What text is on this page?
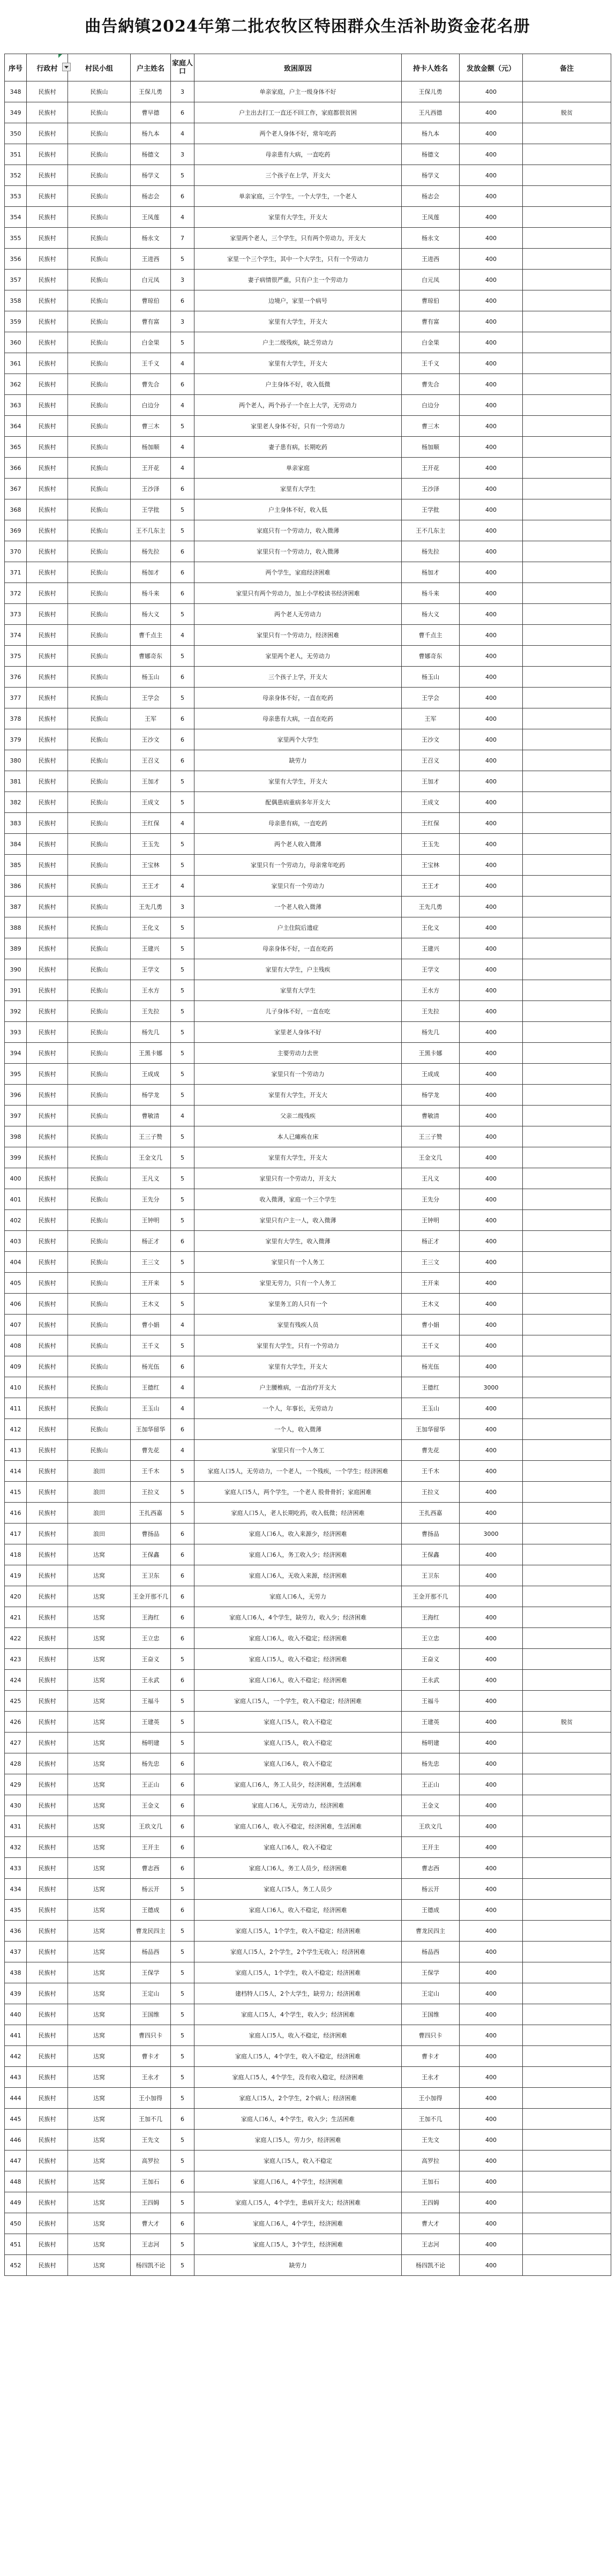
曲告納镇2024年第二批农牧区特困群众生活补助资金花名册
序号	行政村	村民小组	户主姓名	家庭人口	致困原因	持卡人姓名	发放金额（元）	备注
348	民族村	民族山	王保儿勇	3	单亲家庭，户主一级身体不好	王保儿勇	400	
349	民族村	民族山	曹早德	6	户主出去打工一直还不回工作，家庭都很贫困	王凡西德	400	脱贫
350	民族村	民族山	杨九本	4	两个老人身体不好，常年吃药	杨九本	400	
351	民族村	民族山	杨德文	3	母亲患有大病，一直吃药	杨德文	400	
352	民族村	民族山	杨学义	5	三个孩子在上学，开支大	杨学义	400	
353	民族村	民族山	杨志会	6	单亲家庭，三个学生，一个大学生，一个老人	杨志会	400	
354	民族村	民族山	王凤莲	4	家里有大学生，开支大	王凤莲	400	
355	民族村	民族山	杨永文	7	家里两个老人，三个学生，只有两个劳动力，开支大	杨永文	400	
356	民族村	民族山	王进西	5	家里一个三个学生，其中一个大学生，只有一个劳动力	王进西	400	
357	民族村	民族山	白元凤	3	妻子病情很严重，只有户主一个劳动力	白元凤	400	
358	民族村	民族山	曹琼伯	6	边境户，家里一个病号	曹琼伯	400	
359	民族村	民族山	曹有富	3	家里有大学生，开支大	曹有富	400	
360	民族村	民族山	白金果	5	户主二级残疾，缺乏劳动力	白金果	400	
361	民族村	民族山	王千义	4	家里有大学生，开支大	王千义	400	
362	民族村	民族山	曹先合	6	户主身体不好，收入低微	曹先合	400	
363	民族村	民族山	白边分	4	两个老人，两个孙子一个在上大学，无劳动力	白边分	400	
364	民族村	民族山	曹三木	5	家里老人身体不好，只有一个劳动力	曹三木	400	
365	民族村	民族山	杨加顺	4	妻子患有病，长期吃药	杨加顺	400	
366	民族村	民族山	王开花	4	单亲家庭	王开花	400	
367	民族村	民族山	王沙泽	6	家里有大学生	王沙泽	400	
368	民族村	民族山	王学批	5	户主身体不好，收入低	王学批	400	
369	民族村	民族山	王不几东主	5	家庭只有一个劳动力，收入微薄	王不几东主	400	
370	民族村	民族山	杨先拉	6	家里只有一个劳动力，收入微薄	杨先拉	400	
371	民族村	民族山	杨加才	6	两个学生，家庭经济困难	杨加才	400	
372	民族村	民族山	杨斗来	6	家里只有两个劳动力，加上小学校读书经济困难	杨斗来	400	
373	民族村	民族山	杨大义	5	两个老人无劳动力	杨大义	400	
374	民族村	民族山	曹千点主	4	家里只有一个劳动力，经济困难	曹千点主	400	
375	民族村	民族山	曹娜奇东	5	家里两个老人，无劳动力	曹娜奇东	400	
376	民族村	民族山	杨玉山	6	三个孩子上学，开支大	杨玉山	400	
377	民族村	民族山	王学会	5	母亲身体不好，一直在吃药	王学会	400	
378	民族村	民族山	王军	6	母亲患有大病，一直在吃药	王军	400	
379	民族村	民族山	王沙文	6	家里两个大学生	王沙文	400	
380	民族村	民族山	王召义	6	缺劳力	王召义	400	
381	民族村	民族山	王加才	5	家里有大学生，开支大	王加才	400	
382	民族村	民族山	王成文	5	配偶患病重病多年开支大	王成文	400	
383	民族村	民族山	王红保	4	母亲患有病，一直吃药	王红保	400	
384	民族村	民族山	王玉先	5	两个老人收入微薄	王玉先	400	
385	民族村	民族山	王宝林	5	家里只有一个劳动力，母亲常年吃药	王宝林	400	
386	民族村	民族山	王王才	4	家里只有一个劳动力	王王才	400	
387	民族村	民族山	王先几勇	3	一个老人收入微薄	王先几勇	400	
388	民族村	民族山	王化义	5	户主住院后遗症	王化义	400	
389	民族村	民族山	王建兴	5	母亲身体不好，一直在吃药	王建兴	400	
390	民族村	民族山	王学文	5	家里有大学生，户主残疾	王学文	400	
391	民族村	民族山	王水方	5	家里有大学生	王水方	400	
392	民族村	民族山	王先拉	5	儿子身体不好，一直在吃	王先拉	400	
393	民族村	民族山	杨先几	5	家里老人身体不好	杨先几	400	
394	民族村	民族山	王黑卡娜	5	主要劳动力去世	王黑卡娜	400	
395	民族村	民族山	王成成	5	家里只有一个劳动力	王成成	400	
396	民族村	民族山	杨学龙	5	家里有大学生，开支大	杨学龙	400	
397	民族村	民族山	曹敏清	4	父亲二级残疾	曹敏清	400	
398	民族村	民族山	王三子赞	5	本人已瘫痪在床	王三子赞	400	
399	民族村	民族山	王金文几	5	家里有大学生，开支大	王金文几	400	
400	民族村	民族山	王凡义	5	家里只有一个劳动力，开支大	王凡义	400	
401	民族村	民族山	王先分	5	收入微薄，家庭一个三个学生	王先分	400	
402	民族村	民族山	王钟明	5	家里只有户主一人，收入微薄	王钟明	400	
403	民族村	民族山	杨正才	6	家里有大学生，收入微薄	杨正才	400	
404	民族村	民族山	王三文	5	家里只有一个人务工	王三文	400	
405	民族村	民族山	王开来	5	家里无劳力，只有一个人务工	王开来	400	
406	民族村	民族山	王木义	5	家里务工的人只有一个	王木义	400	
407	民族村	民族山	曹小娟	4	家里有残疾人员	曹小娟	400	
408	民族村	民族山	王千义	5	家里有大学生，只有一个劳动力	王千义	400	
409	民族村	民族山	杨光伍	6	家里有大学生，开支大	杨光伍	400	
410	民族村	民族山	王德红	4	户主腰椎病，一直治疗开支大	王德红	3000	
411	民族村	民族山	王玉山	4	一个人，年事长，无劳动力	王玉山	400	
412	民族村	民族山	王加华留华	6	一个人，收入微薄	王加华留华	400	
413	民族村	民族山	曹先花	4	家里只有一个人务工	曹先花	400	
414	民族村	浪田	王千木	5	家庭人口5人，无劳动力，一个老人，一个残疾，一个学生；经济困难	王千木	400	
415	民族村	浪田	王拉义	5	家庭人口5人，两个学生，一个老人 股骨骨折；家庭困难	王拉义	400	
416	民族村	浪田	王扎西嘉	5	家庭人口5人，老人长期吃药，收入低微；经济困难	王扎西嘉	400	
417	民族村	浪田	曹扬品	6	家庭人口6人，收入来源少，经济困难	曹扬品	3000	
418	民族村	达窝	王保鑫	6	家庭人口6人，务工收入少；经济困难	王保鑫	400	
419	民族村	达窝	王卫东	6	家庭人口6人，无收入来源，经济困难	王卫东	400	
420	民族村	达窝	王金开那不几	6	家庭人口6人，无劳力	王金开那不几	400	
421	民族村	达窝	王海红	6	家庭人口6人，4个学生，缺劳力，收入少；经济困难	王海红	400	
422	民族村	达窝	王立忠	6	家庭人口6人，收入不稳定；经济困难	王立忠	400	
423	民族村	达窝	王奋义	5	家庭人口5人，收入不稳定；经济困难	王奋义	400	
424	民族村	达窝	王永武	6	家庭人口6人，收入不稳定；经济困难	王永武	400	
425	民族村	达窝	王福斗	5	家庭人口5人，一个学生，收入不稳定；经济困难	王福斗	400	
426	民族村	达窝	王建英	5	家庭人口5人，收入不稳定	王建英	400	脱贫
427	民族村	达窝	杨明建	5	家庭人口5人，收入不稳定	杨明建	400	
428	民族村	达窝	杨先忠	6	家庭人口6人，收入不稳定	杨先忠	400	
429	民族村	达窝	王正山	6	家庭人口6人，务工人员少，经济困难，生活困难	王正山	400	
430	民族村	达窝	王金义	6	家庭人口6人，无劳动力，经济困难	王金义	400	
431	民族村	达窝	王玖文几	6	家庭人口6人，收入不稳定，经济困难，生活困难	王玖文几	400	
432	民族村	达窝	王开主	6	家庭人口6人，收入不稳定	王开主	400	
433	民族村	达窝	曹志西	6	家庭人口6人，务工人员少，经济困难	曹志西	400	
434	民族村	达窝	杨云开	5	家庭人口5人，务工人员少	杨云开	400	
435	民族村	达窝	王德成	6	家庭人口6人，收入不稳定，经济困难	王德成	400	
436	民族村	达窝	曹龙民四主	5	家庭人口5人，1个学生，收入不稳定；经济困难	曹龙民四主	400	
437	民族村	达窝	杨品西	5	家庭人口5人，2个学生，2个学生无收入；经济困难	杨品西	400	
438	民族村	达窝	王保学	5	家庭人口5人，1个学生，收入不稳定；经济困难	王保学	400	
439	民族村	达窝	王定山	5	建档特人口5人，2个大学生，缺劳力；经济困难	王定山	400	
440	民族村	达窝	王国维	5	家庭人口5人，4个学生，收入少；经济困难	王国维	400	
441	民族村	达窝	曹四只卡	5	家庭人口5人，收入不稳定，经济困难	曹四只卡	400	
442	民族村	达窝	曹卡才	5	家庭人口5人，4个学生，收入不稳定，经济困难	曹卡才	400	
443	民族村	达窝	王永才	5	家庭人口5人，4个学生，没有收入稳定，经济困难	王永才	400	
444	民族村	达窝	王小加得	5	家庭人口5人，2个学生，2个病人；经济困难	王小加得	400	
445	民族村	达窝	王加不几	6	家庭人口6人，4个学生，收入少；生活困难	王加不几	400	
446	民族村	达窝	王先文	5	家庭人口5人，劳力少，经济困难	王先文	400	
447	民族村	达窝	高罗拉	5	家庭人口5人，收入不稳定	高罗拉	400	
448	民族村	达窝	王加石	6	家庭人口6人，4个学生，经济困难	王加石	400	
449	民族村	达窝	王四姆	5	家庭人口5人，4个学生，患病开支大；经济困难	王四姆	400	
450	民族村	达窝	曹大才	6	家庭人口6人，4个学生，经济困难	曹大才	400	
451	民族村	达窝	王志河	5	家庭人口5人，3个学生，经济困难	王志河	400	
452	民族村	达窝	杨四凯不论	5	缺劳力	杨四凯不论	400	
